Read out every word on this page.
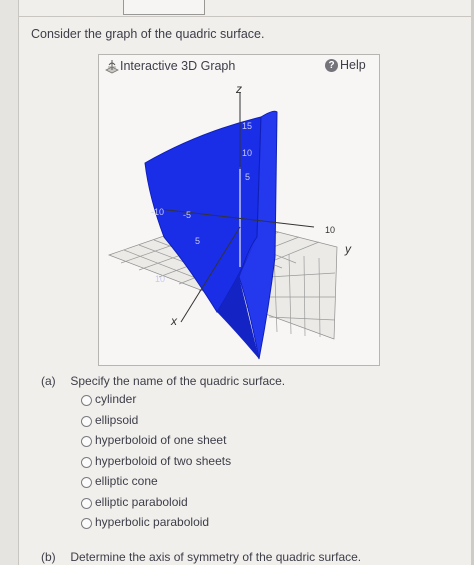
Consider the graph of the quadric surface.
Interactive 3D Graph	? Help
z
y
x
15
10
5
-10 -5
5
10
10
(a) Specify the name of the quadric surface.
cylinder
ellipsoid
hyperboloid of one sheet
hyperboloid of two sheets
elliptic cone
elliptic paraboloid
hyperbolic paraboloid
(b) Determine the axis of symmetry of the quadric surface.
